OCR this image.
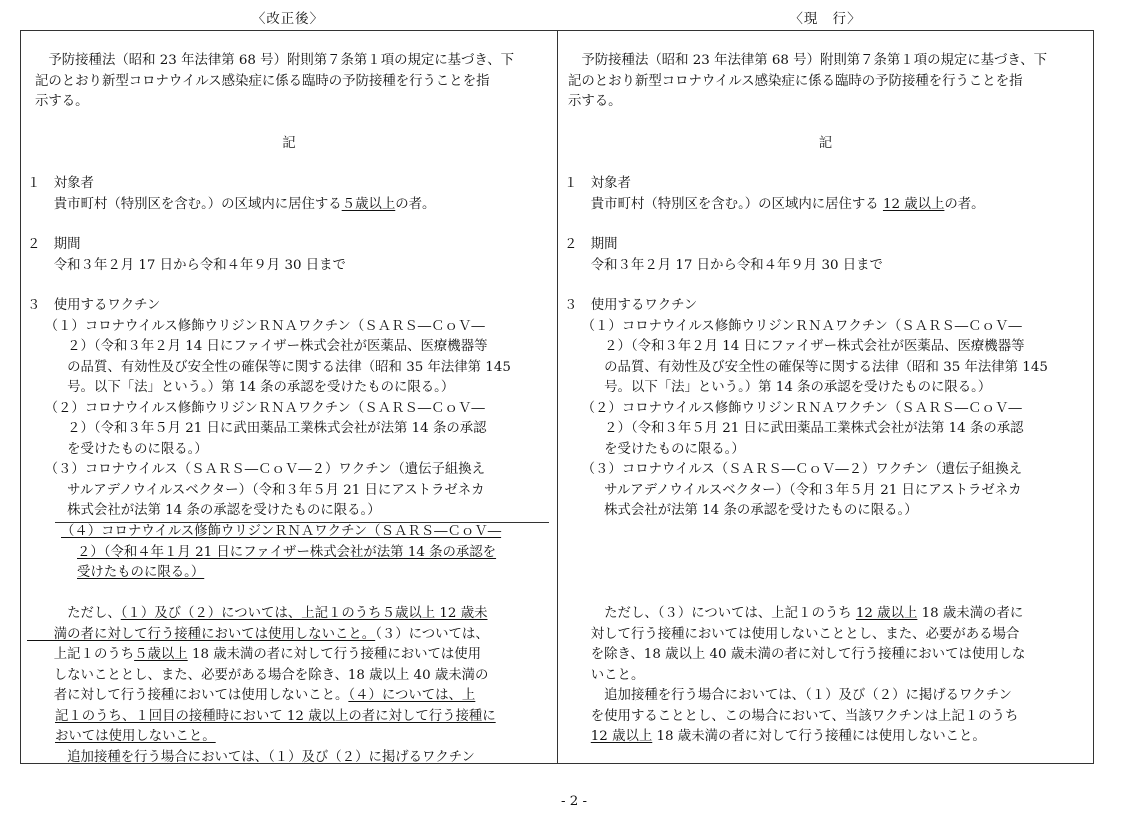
〈改正後〉	〈現　行〉
　予防接種法（昭和 23 年法律第 68 号）附則第７条第１項の規定に基づき、下
記のとおり新型コロナウイルス感染症に係る臨時の予防接種を行うことを指
示する。
記
１　対象者
　　貴市町村（特別区を含む。）の区域内に居住する５歳以上の者。
２　期間
　　令和３年２月 17 日から令和４年９月 30 日まで
３　使用するワクチン
　 （１）コロナウイルス修飾ウリジンＲＮＡワクチン（ＳＡＲＳ―ＣｏＶ―
　　　２）（令和３年２月 14 日にファイザー株式会社が医薬品、医療機器等
　　　の品質、有効性及び安全性の確保等に関する法律（昭和 35 年法律第 145
　　　号。以下「法」という。）第 14 条の承認を受けたものに限る。）
　 （２）コロナウイルス修飾ウリジンＲＮＡワクチン（ＳＡＲＳ―ＣｏＶ―
　　　２）（令和３年５月 21 日に武田薬品工業株式会社が法第 14 条の承認
　　　を受けたものに限る。）
　 （３）コロナウイルス（ＳＡＲＳ―ＣｏＶ―２）ワクチン（遺伝子組換え
　　　サルアデノウイルスベクター）（令和３年５月 21 日にアストラゼネカ
　　　株式会社が法第 14 条の承認を受けたものに限る。）
（４）コロナウイルス修飾ウリジンＲＮＡワクチン（ＳＡＲＳ―ＣｏＶ―
２）（令和４年１月 21 日にファイザー株式会社が法第 14 条の承認を
受けたものに限る。）
　　　ただし、（１）及び（２）については、上記１のうち５歳以上 12 歳未
　　満の者に対して行う接種においては使用しないこと。（３）については、
　　上記１のうち５歳以上 18 歳未満の者に対して行う接種においては使用
　　しないこととし、また、必要がある場合を除き、18 歳以上 40 歳未満の
　　者に対して行う接種においては使用しないこと。（４）については、上
記１のうち、１回目の接種時において 12 歳以上の者に対して行う接種に
おいては使用しないこと。
　　　追加接種を行う場合においては、（１）及び（２）に掲げるワクチン
　予防接種法（昭和 23 年法律第 68 号）附則第７条第１項の規定に基づき、下
記のとおり新型コロナウイルス感染症に係る臨時の予防接種を行うことを指
示する。
記
１　対象者
　　貴市町村（特別区を含む。）の区域内に居住する 12 歳以上の者。
２　期間
　　令和３年２月 17 日から令和４年９月 30 日まで
３　使用するワクチン
　 （１）コロナウイルス修飾ウリジンＲＮＡワクチン（ＳＡＲＳ―ＣｏＶ―
　　　２）（令和３年２月 14 日にファイザー株式会社が医薬品、医療機器等
　　　の品質、有効性及び安全性の確保等に関する法律（昭和 35 年法律第 145
　　　号。以下「法」という。）第 14 条の承認を受けたものに限る。）
　 （２）コロナウイルス修飾ウリジンＲＮＡワクチン（ＳＡＲＳ―ＣｏＶ―
　　　２）（令和３年５月 21 日に武田薬品工業株式会社が法第 14 条の承認
　　　を受けたものに限る。）
　 （３）コロナウイルス（ＳＡＲＳ―ＣｏＶ―２）ワクチン（遺伝子組換え
　　　サルアデノウイルスベクター）（令和３年５月 21 日にアストラゼネカ
　　　株式会社が法第 14 条の承認を受けたものに限る。）
　　　ただし、（３）については、上記１のうち 12 歳以上 18 歳未満の者に
　　対して行う接種においては使用しないこととし、また、必要がある場合
　　を除き、18 歳以上 40 歳未満の者に対して行う接種においては使用しな
　　いこと。
　　　追加接種を行う場合においては、（１）及び（２）に掲げるワクチン
　　を使用することとし、この場合において、当該ワクチンは上記１のうち
　　12 歳以上 18 歳未満の者に対して行う接種には使用しないこと。
- 2 -
